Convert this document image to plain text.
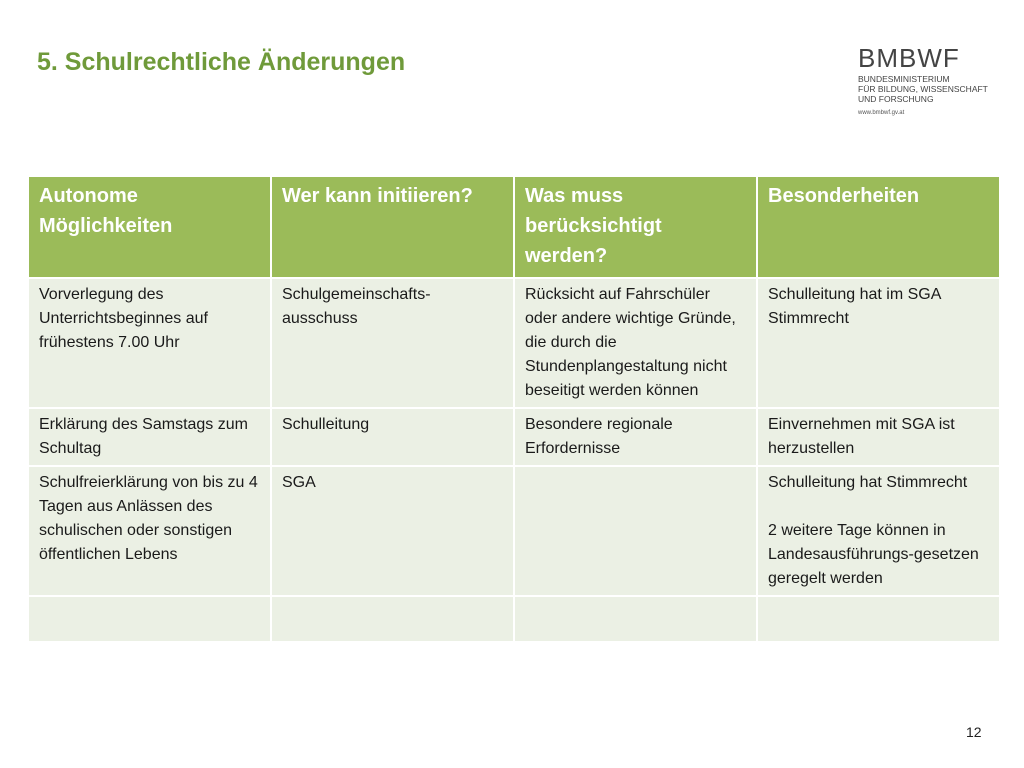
5. Schulrechtliche Änderungen	BMBWF
BUNDESMINISTERIUM
FÜR BILDUNG, WISSENSCHAFT
UND FORSCHUNG
www.bmbwf.gv.at
Autonome Möglichkeiten	Wer kann initiieren?	Was muss berücksichtigt werden?	Besonderheiten
Vorverlegung des Unterrichtsbeginnes auf frühestens 7.00 Uhr	Schulgemeinschafts-ausschuss	Rücksicht auf Fahrschüler oder andere wichtige Gründe, die durch die Stundenplangestaltung nicht beseitigt werden können	Schulleitung hat im SGA Stimmrecht
Erklärung des Samstags zum Schultag	Schulleitung	Besondere regionale Erfordernisse	Einvernehmen mit SGA ist herzustellen
Schulfreierklärung von bis zu 4 Tagen aus Anlässen des schulischen oder sonstigen öffentlichen Lebens	SGA		Schulleitung hat Stimmrecht
2 weitere Tage können in Landesausführungs-gesetzen geregelt werden

12
